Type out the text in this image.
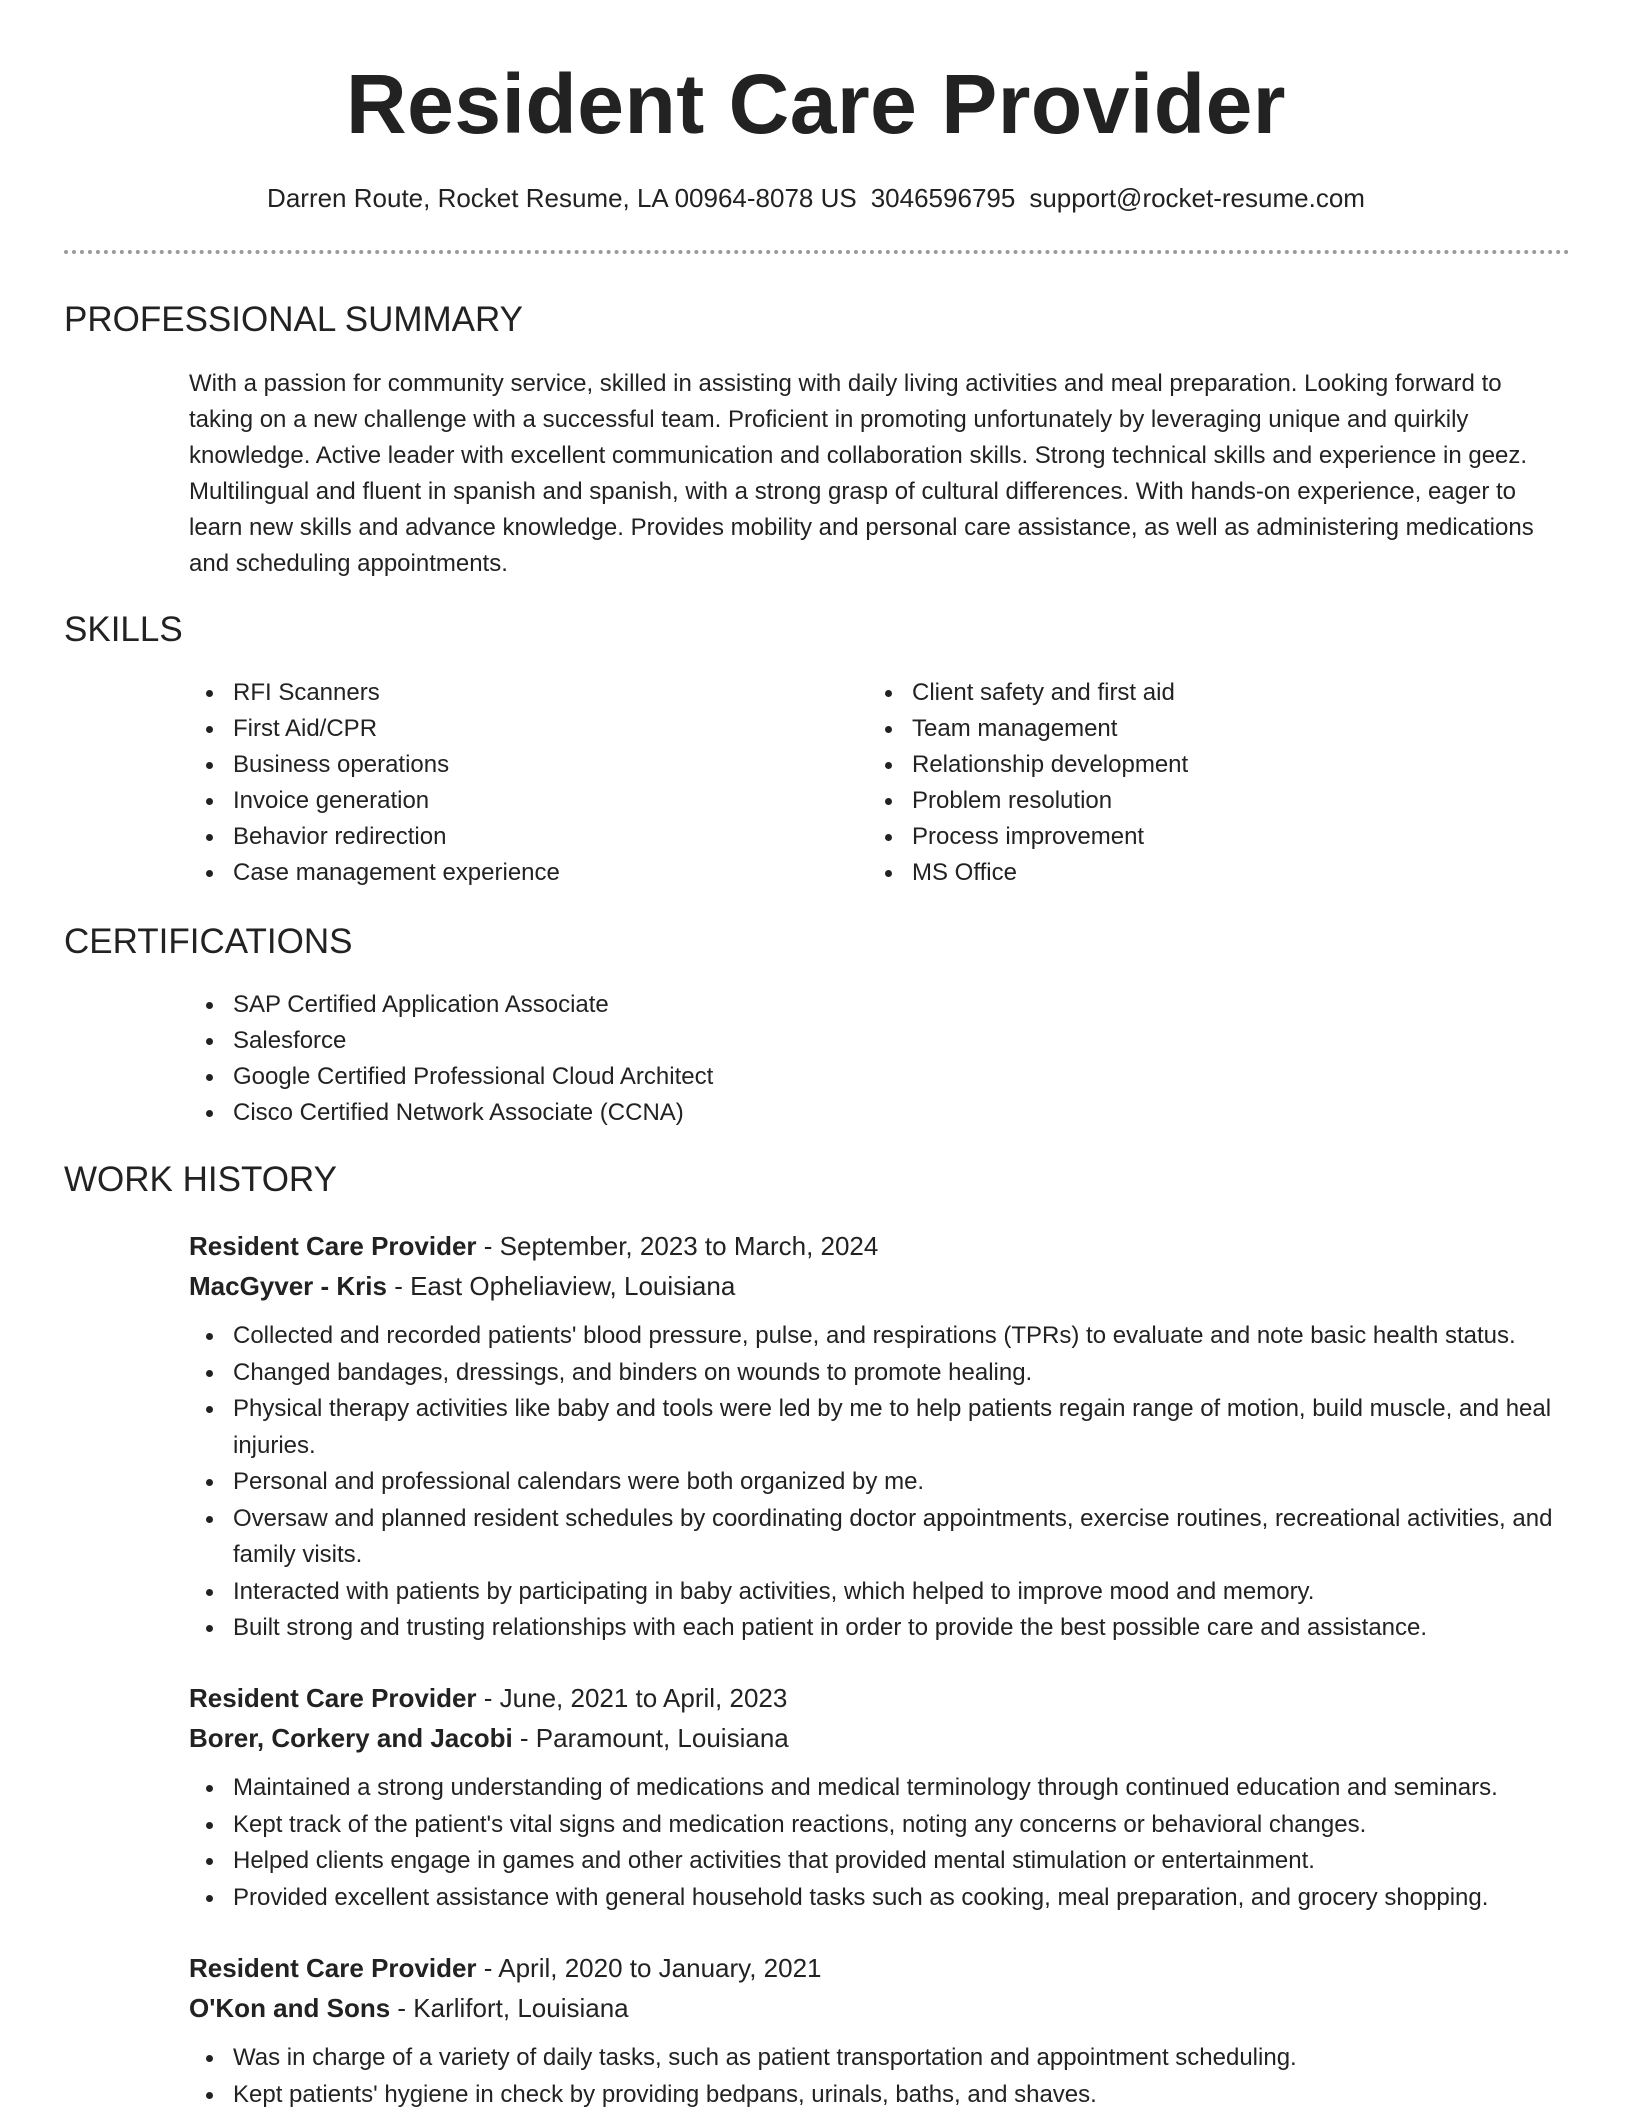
Resident Care Provider
Darren Route, Rocket Resume, LA 00964-8078 US 3046596795 support@rocket-resume.com
PROFESSIONAL SUMMARY

With a passion for community service, skilled in assisting with daily living activities and meal preparation. Looking forward to taking on a new challenge with a successful team. Proficient in promoting unfortunately by leveraging unique and quirkily knowledge. Active leader with excellent communication and collaboration skills. Strong technical skills and experience in geez. Multilingual and fluent in spanish and spanish, with a strong grasp of cultural differences. With hands-on experience, eager to learn new skills and advance knowledge. Provides mobility and personal care assistance, as well as administering medications and scheduling appointments.

SKILLS
RFI Scanners
First Aid/CPR
Business operations
Invoice generation
Behavior redirection
Case management experience
Client safety and first aid
Team management
Relationship development
Problem resolution
Process improvement
MS Office
CERTIFICATIONS
SAP Certified Application Associate
Salesforce
Google Certified Professional Cloud Architect
Cisco Certified Network Associate (CCNA)
WORK HISTORY
Resident Care Provider - September, 2023 to March, 2024
MacGyver - Kris - East Opheliaview, Louisiana
Collected and recorded patients' blood pressure, pulse, and respirations (TPRs) to evaluate and note basic health status.
Changed bandages, dressings, and binders on wounds to promote healing.
Physical therapy activities like baby and tools were led by me to help patients regain range of motion, build muscle, and heal injuries.
Personal and professional calendars were both organized by me.
Oversaw and planned resident schedules by coordinating doctor appointments, exercise routines, recreational activities, and family visits.
Interacted with patients by participating in baby activities, which helped to improve mood and memory.
Built strong and trusting relationships with each patient in order to provide the best possible care and assistance.
Resident Care Provider - June, 2021 to April, 2023
Borer, Corkery and Jacobi - Paramount, Louisiana
Maintained a strong understanding of medications and medical terminology through continued education and seminars.
Kept track of the patient's vital signs and medication reactions, noting any concerns or behavioral changes.
Helped clients engage in games and other activities that provided mental stimulation or entertainment.
Provided excellent assistance with general household tasks such as cooking, meal preparation, and grocery shopping.
Resident Care Provider - April, 2020 to January, 2021
O'Kon and Sons - Karlifort, Louisiana
Was in charge of a variety of daily tasks, such as patient transportation and appointment scheduling.
Kept patients' hygiene in check by providing bedpans, urinals, baths, and shaves.
